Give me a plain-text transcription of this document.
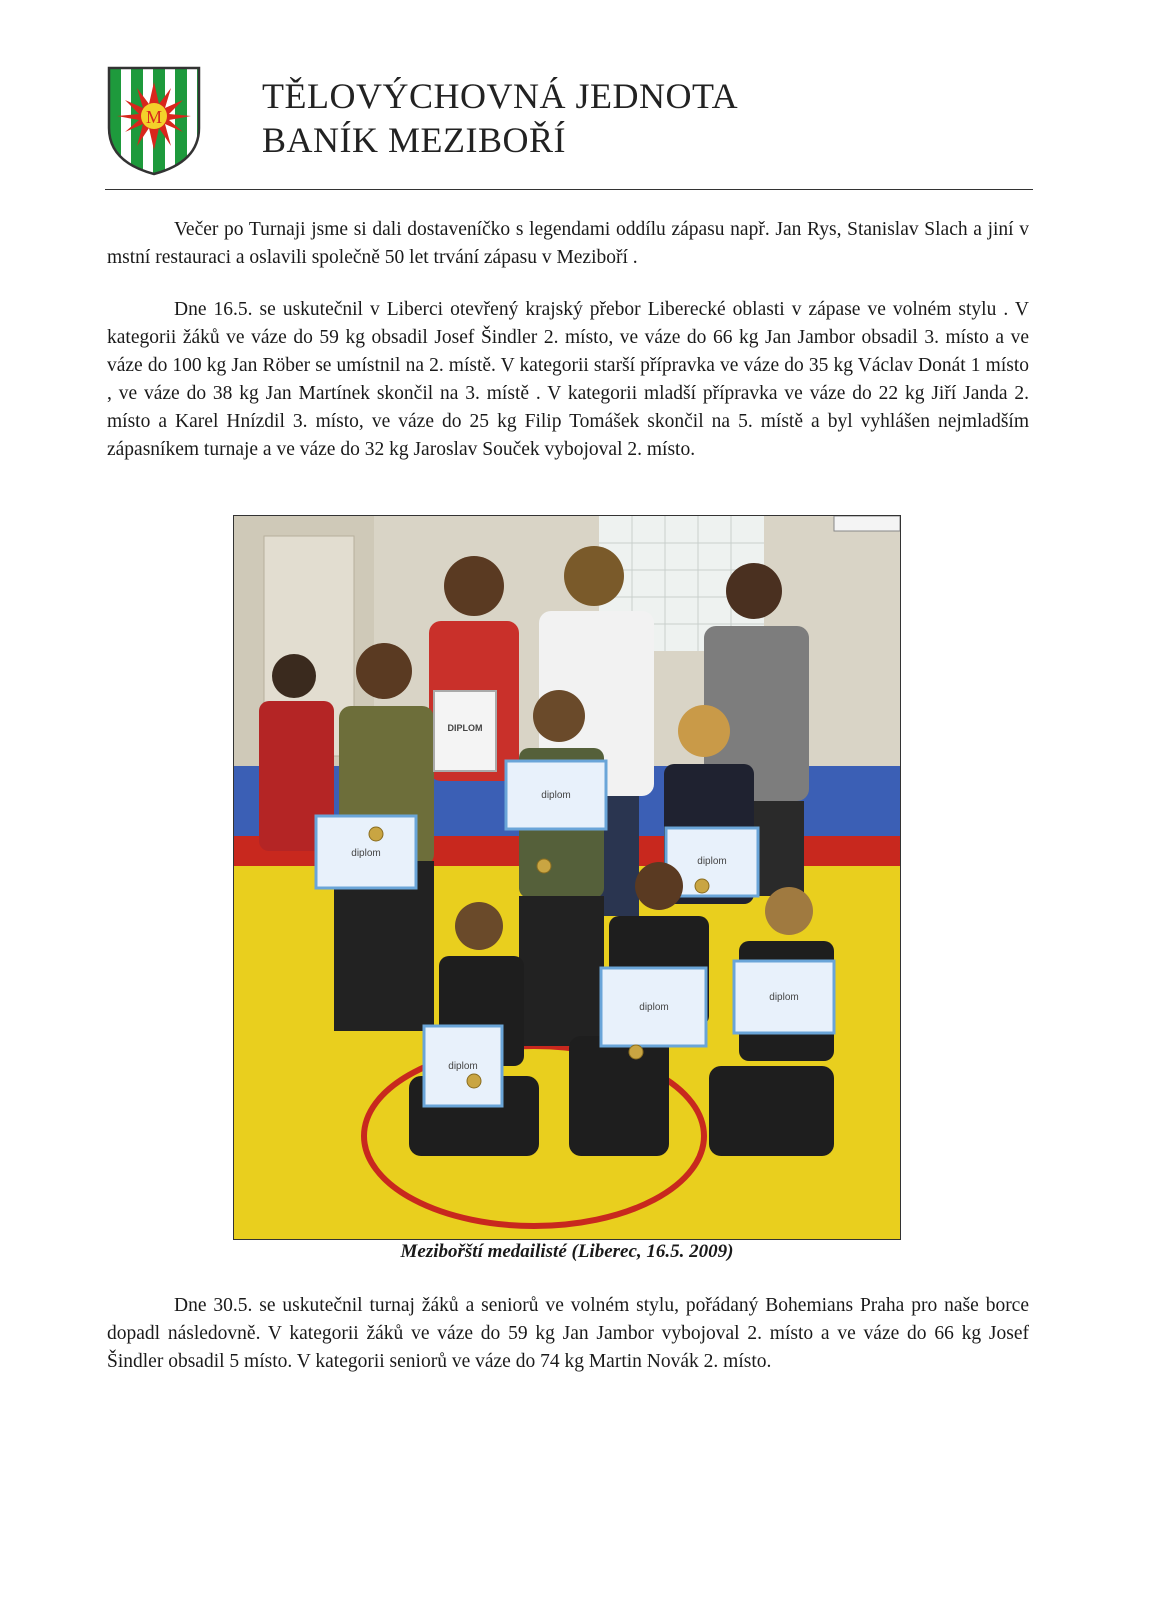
M
TĚLOVÝCHOVNÁ JEDNOTA
BANÍK MEZIBOŘÍ

Večer po Turnaji jsme si dali dostaveníčko s legendami oddílu zápasu např. Jan Rys, Stanislav Slach a jiní v mstní restauraci a oslavili společně 50 let trvání zápasu v Meziboří .

Dne 16.5. se uskutečnil v Liberci otevřený krajský přebor Liberecké oblasti v zápase ve volném stylu . V kategorii žáků ve váze do 59 kg obsadil Josef Šindler 2. místo, ve váze do 66 kg Jan Jambor obsadil 3. místo a ve váze do 100 kg Jan Röber se umístnil na 2. místě. V kategorii starší přípravka ve váze do 35 kg Václav Donát 1 místo , ve váze do 38 kg Jan Martínek skončil na 3. místě . V kategorii mladší přípravka ve váze do 22 kg Jiří Janda 2. místo a Karel Hnízdil 3. místo, ve váze do 25 kg Filip Tomášek skončil na 5. místě a byl vyhlášen nejmladším zápasníkem turnaje a ve váze do 32 kg Jaroslav Souček vybojoval 2. místo.

diplom
diplom
diplom
DIPLOM
diplom
diplom
diplom
Mezibořští medailisté (Liberec, 16.5. 2009)

Dne 30.5. se uskutečnil turnaj žáků a seniorů ve volném stylu, pořádaný Bohemians Praha pro naše borce dopadl následovně. V kategorii žáků ve váze do 59 kg Jan Jambor vybojoval 2. místo a ve váze do 66 kg Josef Šindler obsadil 5 místo. V kategorii seniorů ve váze do 74 kg Martin Novák 2. místo.
